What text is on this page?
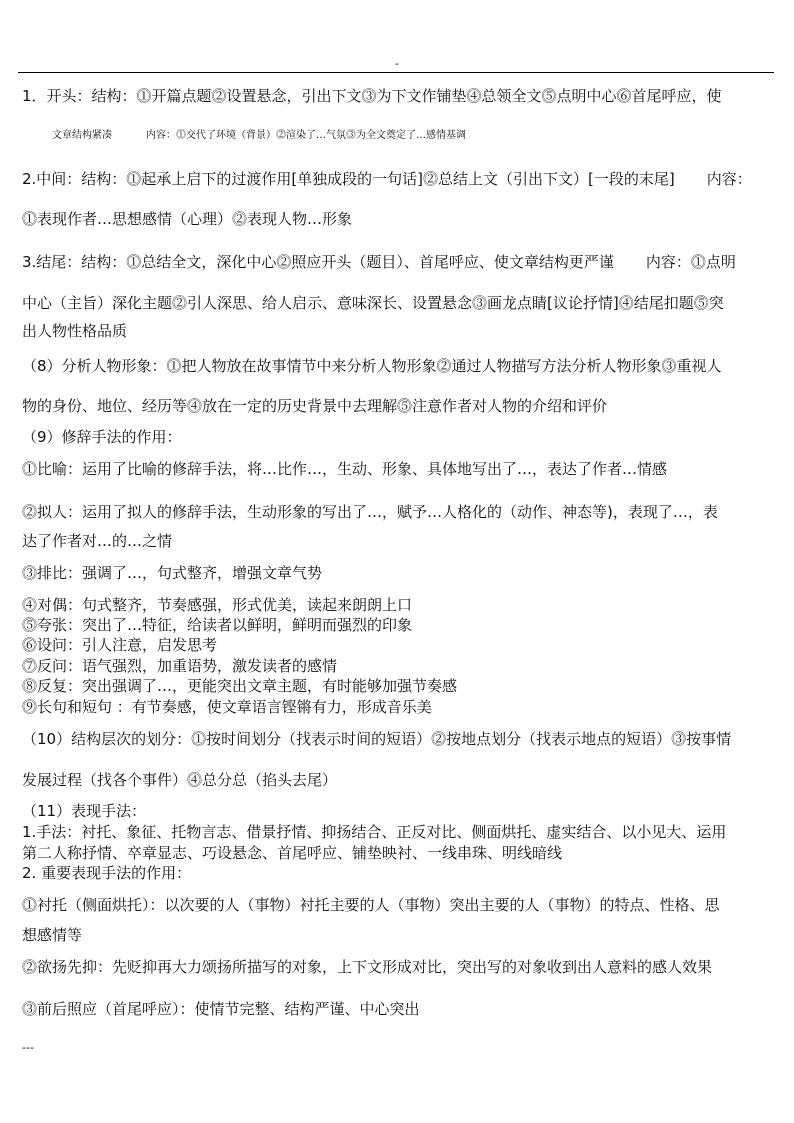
-
1．开头：结构：⓵开篇点题⓶设置悬念，引出下文⓷为下文作铺垫⓸总领全文⓹点明中心⓺首尾呼应，使
文章结构紧凑	内容：⓵交代了环境（背景）⓶渲染了…气氛⓷为全文奠定了…感情基调
2.中间：结构：⓵起承上启下的过渡作用[单独成段的一句话]⓶总结上文（引出下文）[一段的末尾] 内容：
⓵表现作者…思想感情（心理）⓶表现人物…形象
3.结尾：结构：⓵总结全文，深化中心⓶照应开头（题目）、首尾呼应、使文章结构更严谨 内容：⓵点明
中心（主旨）深化主题⓶引人深思、给人启示、意味深长、设置悬念⓷画龙点睛[议论抒情]⓸结尾扣题⓹突
出人物性格品质
（8）分析人物形象：⓵把人物放在故事情节中来分析人物形象⓶通过人物描写方法分析人物形象⓷重视人
物的身份、地位、经历等⓸放在一定的历史背景中去理解⓹注意作者对人物的介绍和评价
（9）修辞手法的作用：
⓵比喻：运用了比喻的修辞手法，将…比作…，生动、形象、具体地写出了…，表达了作者…情感
⓶拟人：运用了拟人的修辞手法，生动形象的写出了…，赋予…人格化的（动作、神态等)，表现了…，表
达了作者对…的…之情
⓷排比：强调了…，句式整齐，增强文章气势
⓸对偶：句式整齐，节奏感强，形式优美，读起来朗朗上口
⓹夸张：突出了…特征，给读者以鲜明，鲜明而强烈的印象
⓺设问：引人注意，启发思考
⓻反问：语气强烈，加重语势，激发读者的感情
⓼反复：突出强调了…，更能突出文章主题，有时能够加强节奏感
⓽长句和短句 ：有节奏感，使文章语言铿锵有力，形成音乐美
（10）结构层次的划分：⓵按时间划分（找表示时间的短语）⓶按地点划分（找表示地点的短语）⓷按事情
发展过程（找各个事件）⓸总分总（掐头去尾）
（11）表现手法：
1.手法：衬托、象征、托物言志、借景抒情、抑扬结合、正反对比、侧面烘托、虚实结合、以小见大、运用
第二人称抒情、卒章显志、巧设悬念、首尾呼应、铺垫映衬、一线串珠、明线暗线
2. 重要表现手法的作用：
⓵衬托（侧面烘托）：以次要的人（事物）衬托主要的人（事物）突出主要的人（事物）的特点、性格、思
想感情等
⓶欲扬先抑：先贬抑再大力颂扬所描写的对象，上下文形成对比，突出写的对象收到出人意料的感人效果
⓷前后照应（首尾呼应）：使情节完整、结构严谨、中心突出
---
